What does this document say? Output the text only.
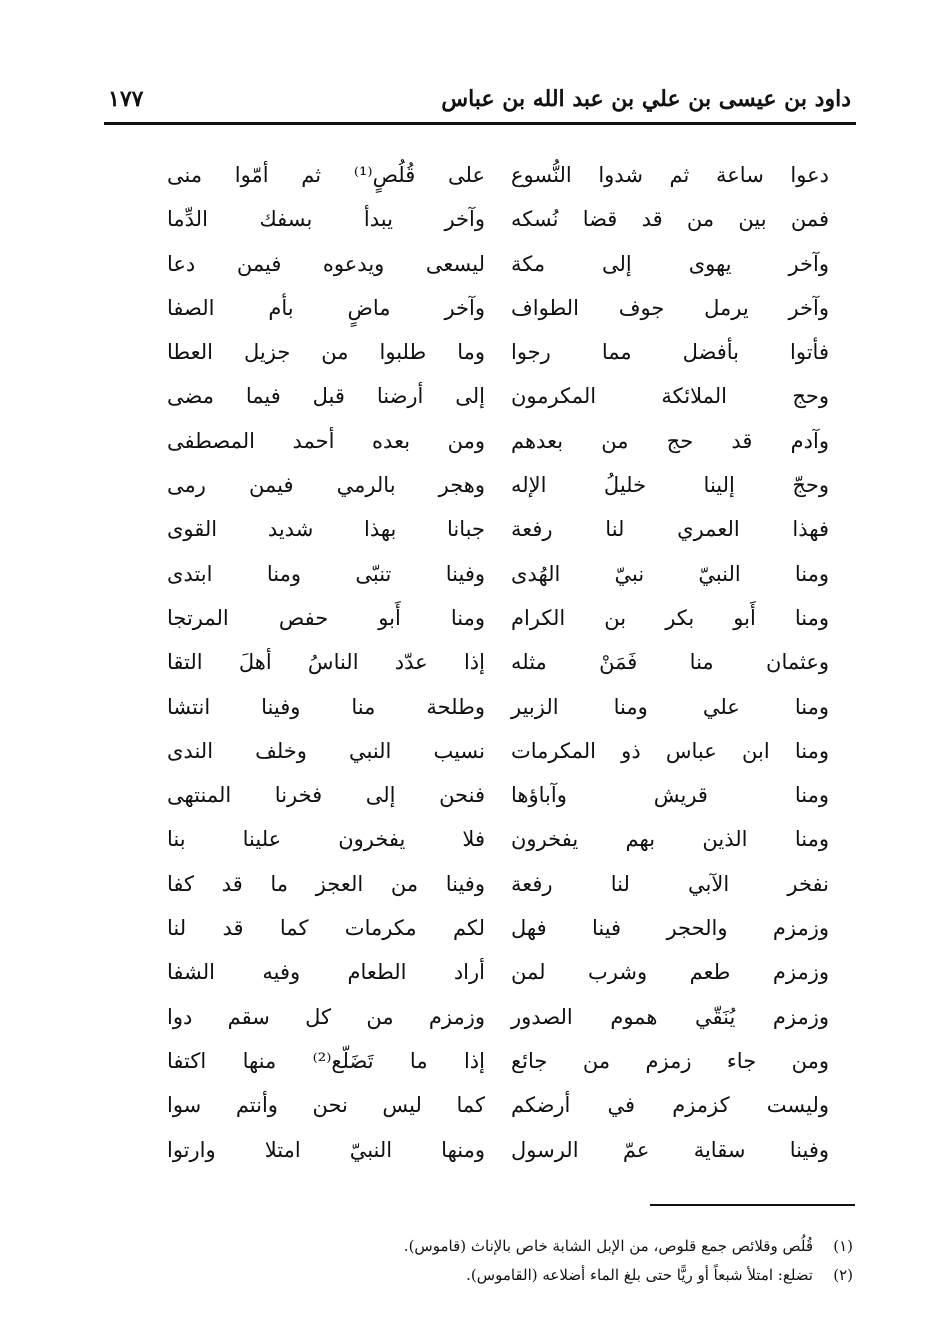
داود بن عيسى بن علي بن عبد الله بن عباس
١٧٧
دعوا ساعة ثم شدوا النُّسوع
على قُلُصٍ⁽¹⁾ ثم أمّوا منى
فمن بين من قد قضا نُسكه
وآخر يبدأ بسفك الدِّما
وآخر يهوى إلى مكة
ليسعى ويدعوه فيمن دعا
وآخر يرمل جوف الطواف
وآخر ماضٍ بأم الصفا
فأتوا بأفضل مما رجوا
وما طلبوا من جزيل العطا
وحج الملائكة المكرمون
إلى أرضنا قبل فيما مضى
وآدم قد حج من بعدهم
ومن بعده أحمد المصطفى
وحجّ إلينا خليلُ الإله
وهجر بالرمي فيمن رمى
فهذا العمري لنا رفعة
جبانا بهذا شديد القوى
ومنا النبيّ نبيّ الهُدى
وفينا تنبّى ومنا ابتدى
ومنا أَبو بكر بن الكرام
ومنا أَبو حفص المرتجا
وعثمان منا فَمَنْ مثله
إذا عدّد الناسُ أهلَ التقا
ومنا علي ومنا الزبير
وطلحة منا وفينا انتشا
ومنا ابن عباس ذو المكرمات
نسيب النبي وخلف الندى
ومنا قريش وآباؤها
فنحن إلى فخرنا المنتهى
ومنا الذين بهم يفخرون
فلا يفخرون علينا بنا
نفخر الآبي لنا رفعة
وفينا من العجز ما قد كفا
وزمزم والحجر فينا فهل
لكم مكرمات كما قد لنا
وزمزم طعم وشرب لمن
أراد الطعام وفيه الشفا
وزمزم يُنَقّي هموم الصدور
وزمزم من كل سقم دوا
ومن جاء زمزم من جائع
إذا ما تَضَلّع⁽²⁾ منها اكتفا
وليست كزمزم في أرضكم
كما ليس نحن وأنتم سوا
وفينا سقاية عمّ الرسول
ومنها النبيّ امتلا وارتوا
(١)قُلُص وقلائص جمع قلوص، من الإبل الشابة خاص بالإناث (قاموس).
(٢)تضلع: امتلأ شبعاً أو ريًّا حتى بلغ الماء أضلاعه (القاموس).
